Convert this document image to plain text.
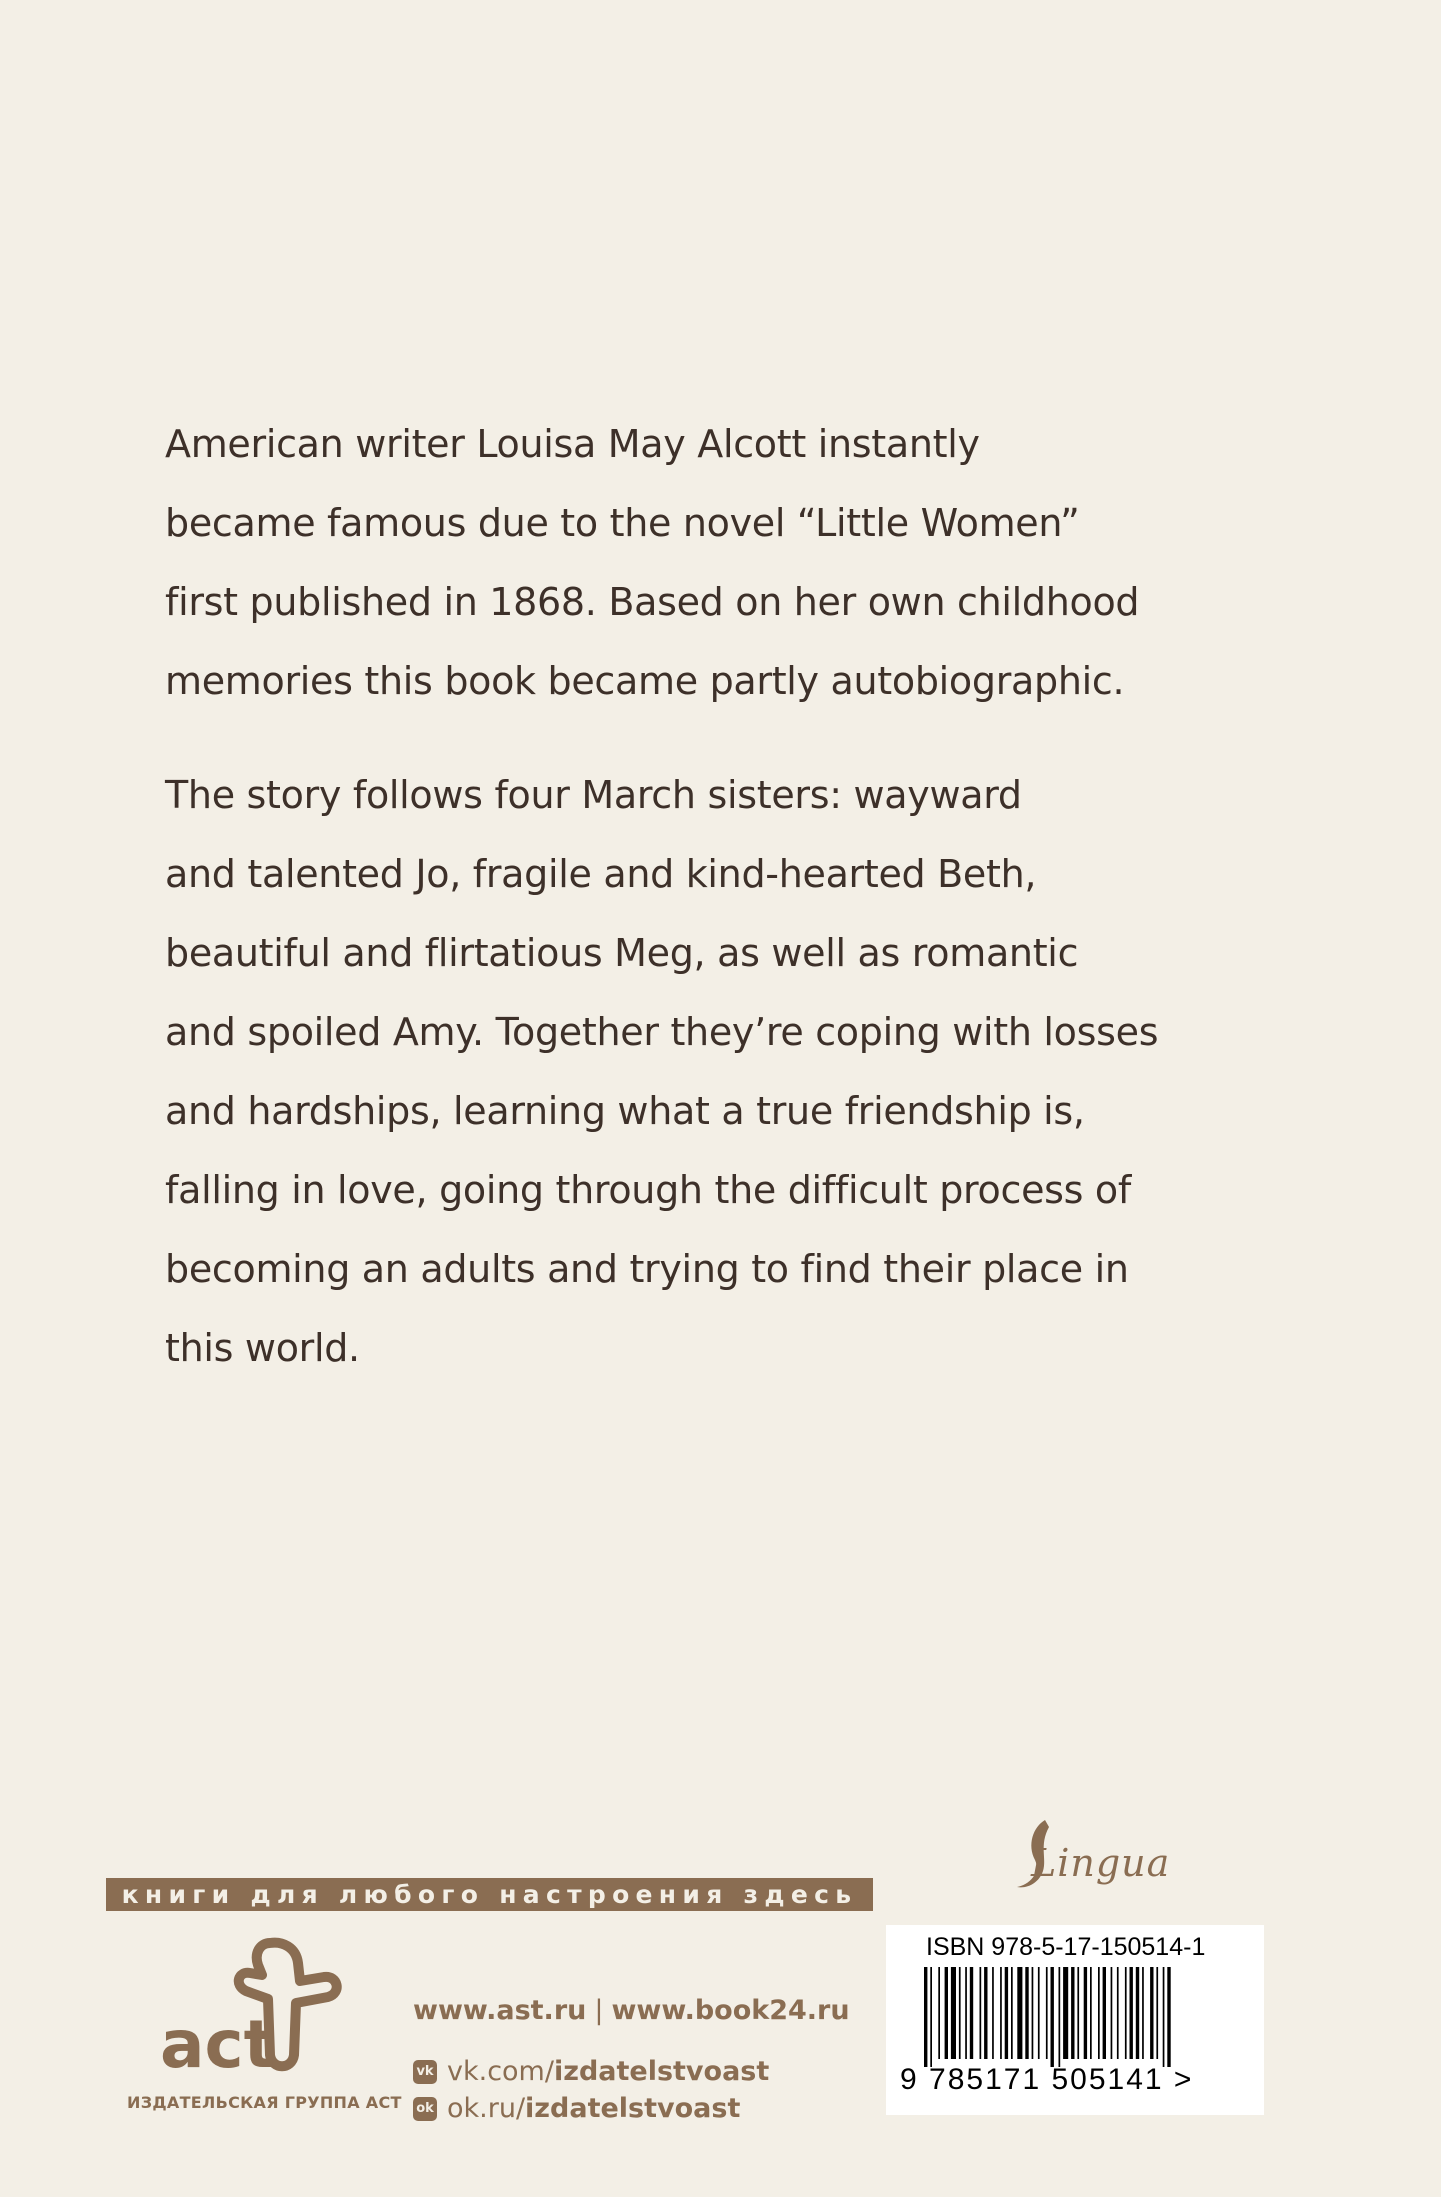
American writer Louisa May Alcott instantly
became famous due to the novel “Little Women”
first published in 1868. Based on her own childhood
memories this book became partly autobiographic.

The story follows four March sisters: wayward
and talented Jo, fragile and kind-hearted Beth,
beautiful and flirtatious Meg, as well as romantic
and spoiled Amy. Together they’re coping with losses
and hardships, learning what a true friendship is,
falling in love, going through the difficult process of
becoming an adults and trying to find their place in
this world.

книги для любого настроения здесь
Lingua
act
ИЗДАТЕЛЬСКАЯ ГРУППА АСТ
www.ast.ru | www.book24.ru
vk vk.com/ izdatelstvoast
ok ok.ru/ izdatelstvoast
ISBN 978-5-17-150514-1
9 785171 505141 >
